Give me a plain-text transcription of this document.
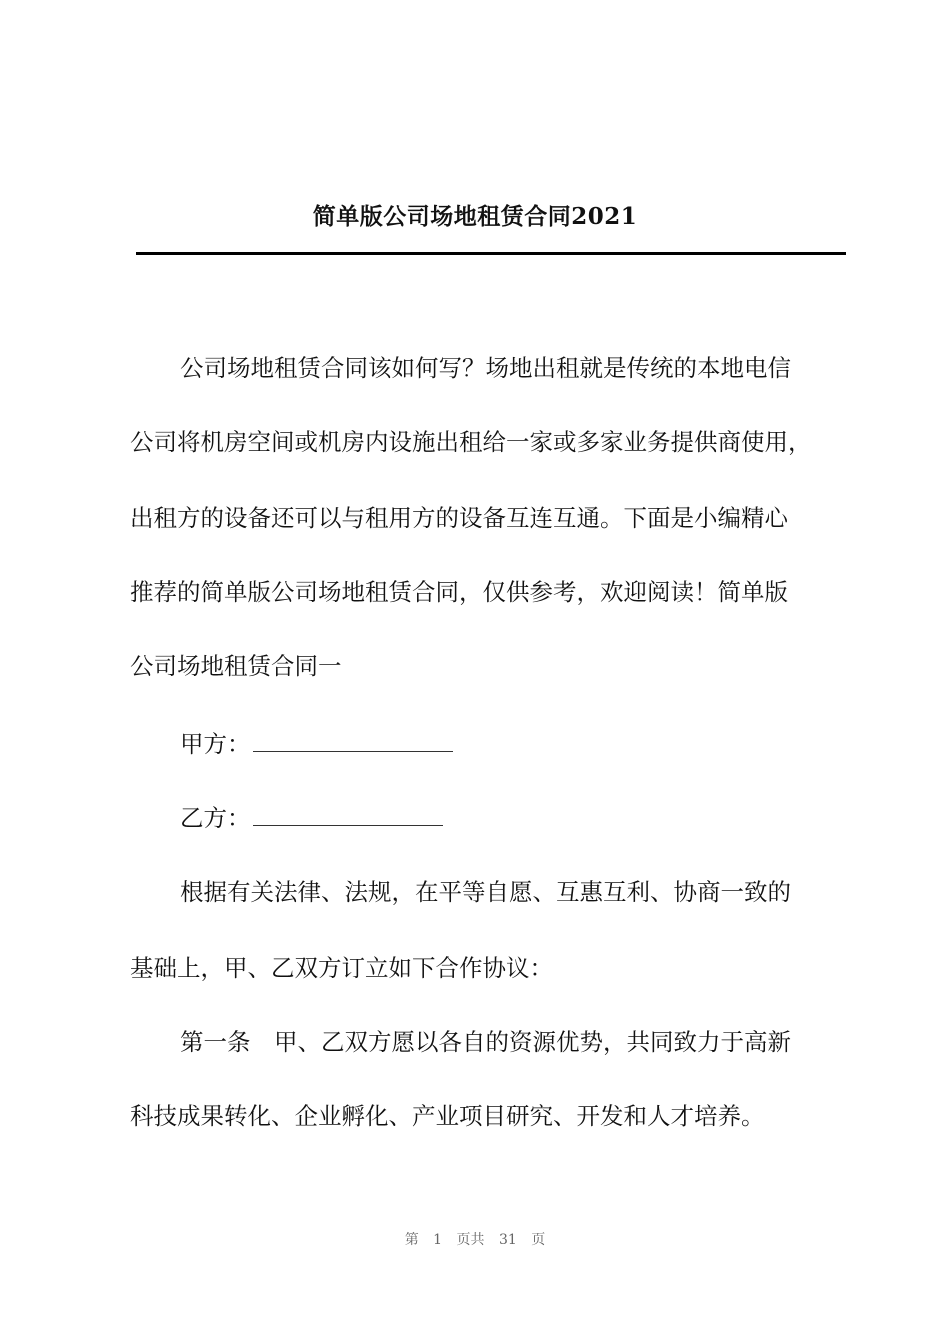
简单版公司场地租赁合同2021
公司场地租赁合同该如何写？场地出租就是传统的本地电信
公司将机房空间或机房内设施出租给一家或多家业务提供商使用，
出租方的设备还可以与租用方的设备互连互通。下面是小编精心
推荐的简单版公司场地租赁合同，仅供参考，欢迎阅读！简单版
公司场地租赁合同一
甲方：
乙方：
根据有关法律、法规，在平等自愿、互惠互利、协商一致的
基础上，甲、乙双方订立如下合作协议：
第一条　甲、乙双方愿以各自的资源优势，共同致力于高新
科技成果转化、企业孵化、产业项目研究、开发和人才培养。
第 1 页共 31 页
